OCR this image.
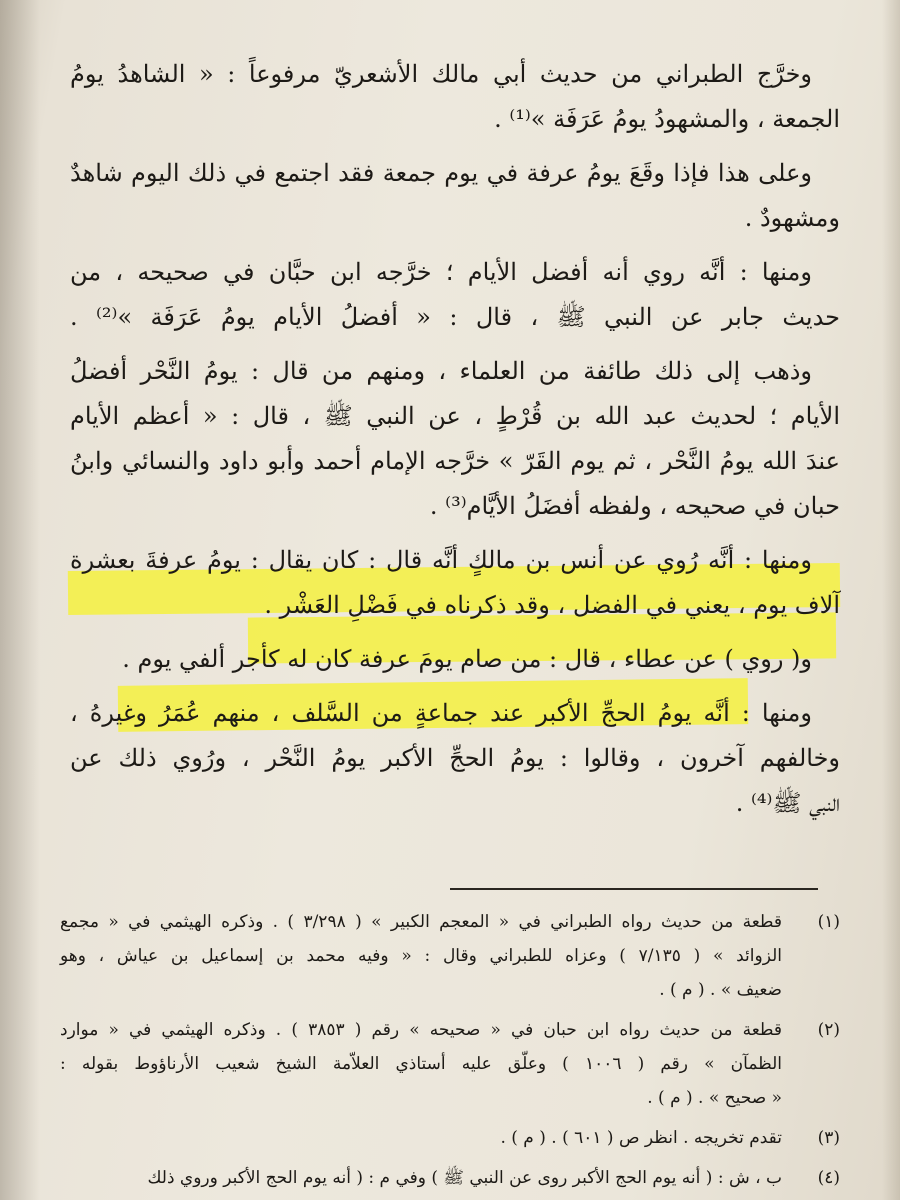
وخرَّج الطبراني من حديث أبي مالك الأشعريّ مرفوعاً : « الشاهدُ يومُ
الجمعة ، والمشهودُ يومُ عَرَفَة »⁽¹⁾ .
وعلى هذا فإذا وقَعَ يومُ عرفة في يوم جمعة فقد اجتمع في ذلك اليوم شاهدٌ
ومشهودٌ .
ومنها : أنَّه روي أنه أفضل الأيام ؛ خرَّجه ابن حبَّان في صحيحه ، من
حديث جابر عن النبي ﷺ ، قال : « أفضلُ الأيام يومُ عَرَفَة »⁽²⁾ .
وذهب إلى ذلك طائفة من العلماء ، ومنهم من قال : يومُ النَّحْر أفضلُ
الأيام ؛ لحديث عبد الله بن قُرْطٍ ، عن النبي ﷺ ، قال : « أعظم الأيام
عندَ الله يومُ النَّحْر ، ثم يوم القَرّ » خرَّجه الإمام أحمد وأبو داود والنسائي وابنُ
حبان في صحيحه ، ولفظه أفضَلُ الأيَّام⁽³⁾ .
ومنها : أنَّه رُوي عن أنس بن مالكٍ أنَّه قال : كان يقال : يومُ عرفةَ بعشرة
آلاف يوم ، يعني في الفضل ، وقد ذكرناه في فَضْلِ العَشْر .
و( روي ) عن عطاء ، قال : من صام يومَ عرفة كان له كأجر ألفي يوم .
ومنها : أنَّه يومُ الحجِّ الأكبر عند جماعةٍ من السَّلف ، منهم عُمَرُ وغيرهُ ،
وخالفهم آخرون ، وقالوا : يومُ الحجِّ الأكبر يومُ النَّحْر ، ورُوي ذلك عن
النبي ﷺ⁽⁴⁾ .
(١)
قطعة من حديث رواه الطبراني في « المعجم الكبير » ( ٣/٢٩٨ ) . وذكره الهيثمي في « مجمع
الزوائد » ( ٧/١٣٥ ) وعزاه للطبراني وقال : « وفيه محمد بن إسماعيل بن عياش ، وهو
ضعيف » . ( م ) .
(٢)
قطعة من حديث رواه ابن حبان في « صحيحه » رقم ( ٣٨٥٣ ) . وذكره الهيثمي في « موارد
الظمآن » رقم ( ١٠٠٦ ) وعلّق عليه أستاذي العلاّمة الشيخ شعيب الأرناؤوط بقوله :
« صحيح » . ( م ) .
(٣)
تقدم تخريجه . انظر ص ( ٦٠١ ) . ( م ) .
(٤)
ب ، ش : ( أنه يوم الحج الأكبر روى عن النبي ﷺ ) وفي م : ( أنه يوم الحج الأكبر وروي ذلك
